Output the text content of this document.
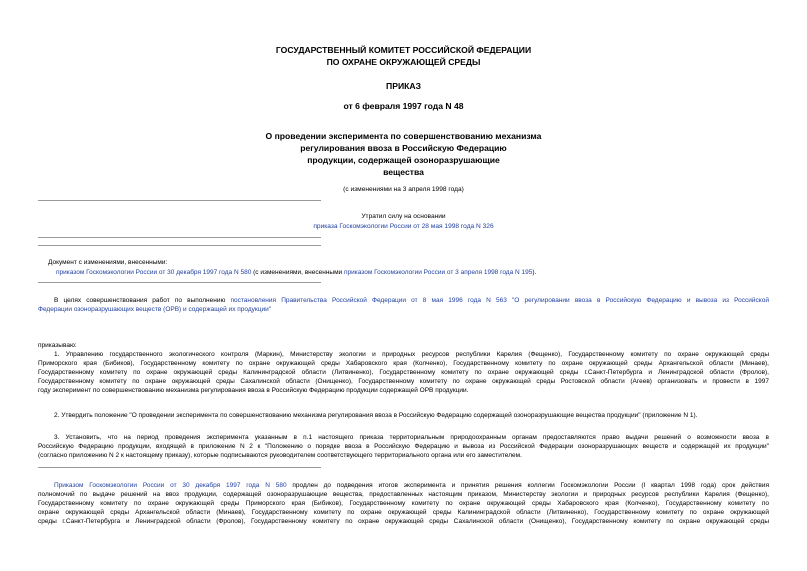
ГОСУДАРСТВЕННЫЙ КОМИТЕТ РОССИЙСКОЙ ФЕДЕРАЦИИ
ПО ОХРАНЕ ОКРУЖАЮЩЕЙ СРЕДЫ
ПРИКАЗ
от 6 февраля 1997 года N 48
О проведении эксперимента по совершенствованию механизма
регулирования ввоза в Российскую Федерацию
продукции, содержащей озоноразрушающие
вещества
(с изменениями на 3 апреля 1998 года)
Утратил силу на основании
приказа Госкомэкологии России от 28 мая 1998 года N 326
Документ с изменениями, внесенными:
приказом Госкомэкологии России от 30 декабря 1997 года N 580 (с изменениями, внесенными приказом Госкомэкологии России от 3 апреля 1998 года N 195).
В целях совершенствования работ по выполнению постановления Правительства Российской Федерации от 8 мая 1996 года N 563 "О регулировании ввоза в Российскую Федерацию и вывоза из Российской
Федерации озоноразрушающих веществ (ОРВ) и содержащей их продукции"
приказываю:
1. Управлению государственного экологического контроля (Маркин), Министерству экологии и природных ресурсов республики Карелия (Фещенко), Государственному комитету по охране окружающей среды
Приморского края (Бибиков), Государственному комитету по охране окружающей среды Хабаровского края (Колченко), Государственному комитету по охране окружающей среды Архангельской области (Минаев),
Государственному комитету по охране окружающей среды Калининградской области (Литвиненко), Государственному комитету по охране окружающей среды г.Санкт-Петербурга и Ленинградской области (Фролов),
Государственному комитету по охране окружающей среды Сахалинской области (Онищенко), Государственному комитету по охране окружающей среды Ростовской области (Агеев) организовать и провести в 1997
году эксперимент по совершенствованию механизма регулирования ввоза в Российскую Федерацию продукции содержащей ОРВ продукции.
2. Утвердить положение "О проведении эксперимента по совершенствованию механизма регулирования ввоза в Российскую Федерацию содержащей озоноразрушающие вещества продукции" (приложение N 1).
3. Установить, что на период проведения эксперимента указанным в п.1 настоящего приказа территориальным природоохранным органам предоставляются право выдачи решений о возможности ввоза в
Российскую Федерацию продукции, входящей в приложение N 2 к "Положению о порядке ввоза в Российскую Федерацию и вывоза из Российской Федерации озоноразрушающих веществ и содержащей их продукции"
(согласно приложению N 2 к настоящему приказу), которые подписываются руководителем соответствующего территориального органа или его заместителем.
Приказом Госкомэкологии России от 30 декабря 1997 года N 580 продлен до подведения итогов эксперимента и принятия решения коллегии Госкомэкологии России (I квартал 1998 года) срок действия
полномочий по выдаче решений на ввоз продукции, содержащей озоноразрушающие вещества, предоставленных настоящим приказом, Министерству экологии и природных ресурсов республики Карелия (Фещенко),
Государственному комитету по охране окружающей среды Приморского края (Бибиков), Государственному комитету по охране окружающей среды Хабаровского края (Колченко), Государственному комитету по
охране окружающей среды Архангельской области (Минаев), Государственному комитету по охране окружающей среды Калининградской области (Литвиненко), Государственному комитету по охране окружающей
среды г.Санкт-Петербурга и Ленинградской области (Фролов), Государственному комитету по охране окружающей среды Сахалинской области (Онищенко), Государственному комитету по охране окружающей среды
